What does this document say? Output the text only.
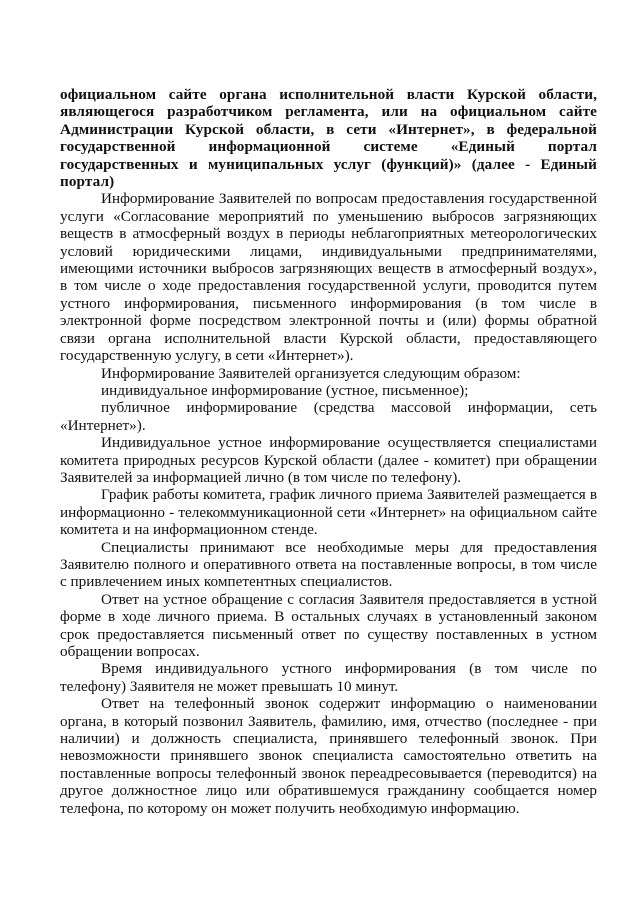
официальном сайте органа исполнительной власти Курской области, являющегося разработчиком регламента, или на официальном сайте Администрации Курской области, в сети «Интернет», в федеральной государственной информационной системе «Единый портал государственных и муниципальных услуг (функций)» (далее - Единый портал)

Информирование Заявителей по вопросам предоставления государственной услуги «Согласование мероприятий по уменьшению выбросов загрязняющих веществ в атмосферный воздух в периоды неблагоприятных метеорологических условий юридическими лицами, индивидуальными предпринимателями, имеющими источники выбросов загрязняющих веществ в атмосферный воздух», в том числе о ходе предоставления государственной услуги, проводится путем устного информирования, письменного информирования (в том числе в электронной форме посредством электронной почты и (или) формы обратной связи органа исполнительной власти Курской области, предоставляющего государственную услугу, в сети «Интернет»).

Информирование Заявителей организуется следующим образом:

индивидуальное информирование (устное, письменное);

публичное информирование (средства массовой информации, сеть «Интернет»).

Индивидуальное устное информирование осуществляется специалистами комитета природных ресурсов Курской области (далее - комитет) при обращении Заявителей за информацией лично (в том числе по телефону).

График работы комитета, график личного приема Заявителей размещается в информационно - телекоммуникационной сети «Интернет» на официальном сайте комитета и на информационном стенде.

Специалисты принимают все необходимые меры для предоставления Заявителю полного и оперативного ответа на поставленные вопросы, в том числе с привлечением иных компетентных специалистов.

Ответ на устное обращение с согласия Заявителя предоставляется в устной форме в ходе личного приема. В остальных случаях в установленный законом срок предоставляется письменный ответ по существу поставленных в устном обращении вопросах.

Время индивидуального устного информирования (в том числе по телефону) Заявителя не может превышать 10 минут.

Ответ на телефонный звонок содержит информацию о наименовании органа, в который позвонил Заявитель, фамилию, имя, отчество (последнее - при наличии) и должность специалиста, принявшего телефонный звонок. При невозможности принявшего звонок специалиста самостоятельно ответить на поставленные вопросы телефонный звонок переадресовывается (переводится) на другое должностное лицо или обратившемуся гражданину сообщается номер телефона, по которому он может получить необходимую информацию.
